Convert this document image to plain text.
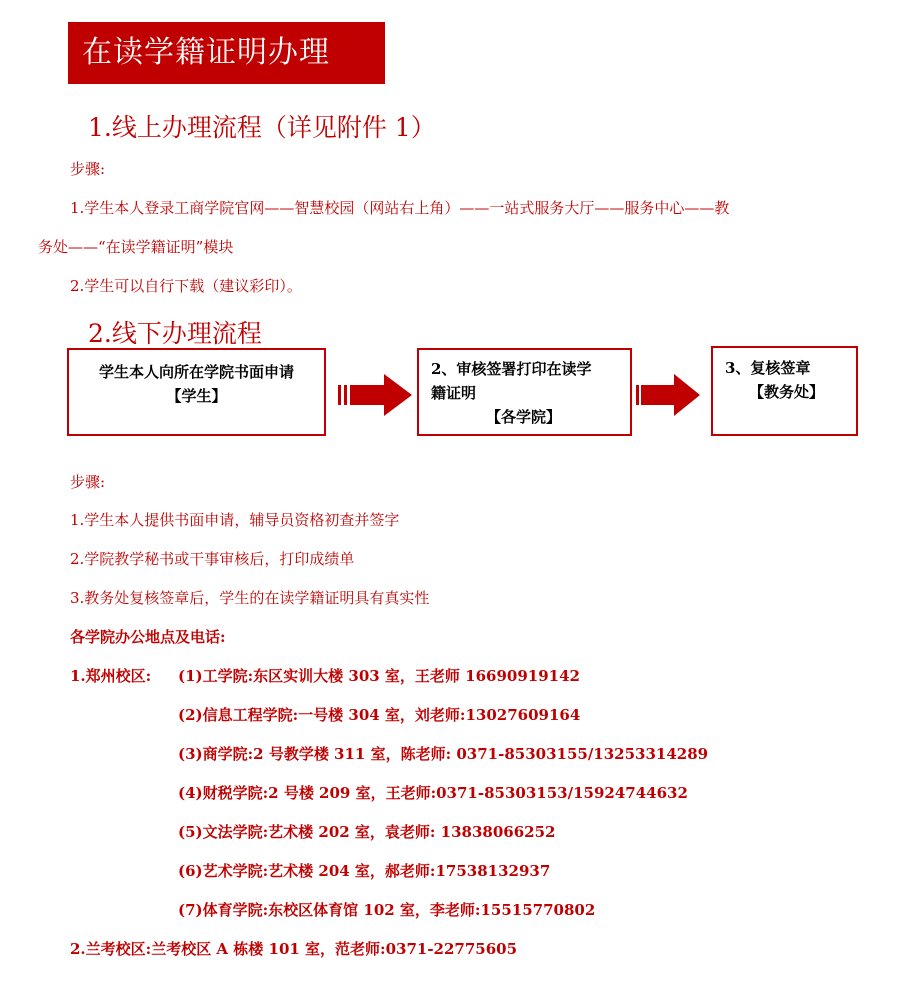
在读学籍证明办理
1.线上办理流程（详见附件 1）
步骤:
1.学生本人登录工商学院官网——智慧校园（网站右上角）——一站式服务大厅——服务中心——教
务处——“在读学籍证明”模块
2.学生可以自行下载（建议彩印）。
2.线下办理流程
学生本人向所在学院书面申请
【学生】
2、审核签署打印在读学
籍证明
【各学院】
3、复核签章
【教务处】
步骤:
1.学生本人提供书面申请，辅导员资格初查并签字
2.学院教学秘书或干事审核后，打印成绩单
3.教务处复核签章后，学生的在读学籍证明具有真实性
各学院办公地点及电话:
1.郑州校区: (1)工学院:东区实训大楼 303 室，王老师 16690919142
(2)信息工程学院:一号楼 304 室，刘老师:13027609164
(3)商学院:2 号教学楼 311 室，陈老师: 0371-85303155/13253314289
(4)财税学院:2 号楼 209 室，王老师:0371-85303153/15924744632
(5)文法学院:艺术楼 202 室，袁老师: 13838066252
(6)艺术学院:艺术楼 204 室，郝老师:17538132937
(7)体育学院:东校区体育馆 102 室，李老师:15515770802
2.兰考校区:兰考校区 A 栋楼 101 室，范老师:0371-22775605
